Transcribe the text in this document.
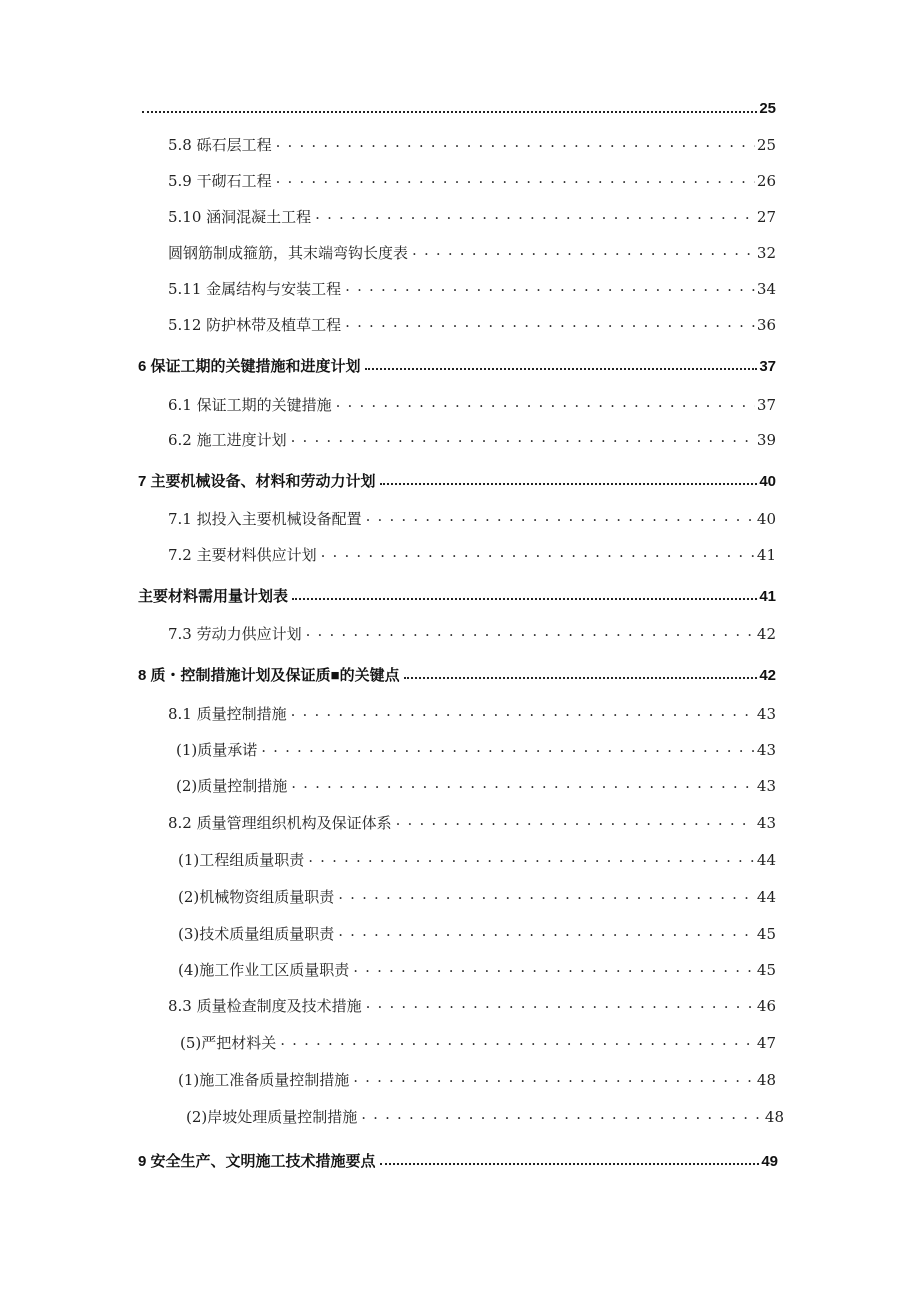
25
5.8 砾石层工程 . . .	25
5.9 干砌石工程 . . .	26
5.10 涵洞混凝土工程 . . .	27
圆钢筋制成箍筋，其末端弯钩长度表 . . .	32
5.11 金属结构与安装工程 . . .	34
5.12 防护林带及植草工程 . . .	36
6 保证工期的关键措施和进度计划	37
6.1 保证工期的关键措施 . . .	37
6.2 施工进度计划 . . .	39
7 主要机械设备、材料和劳动力计划	40
7.1 拟投入主要机械设备配置 . . .	40
7.2 主要材料供应计划 . . .	41
主要材料需用量计划表	41
7.3 劳动力供应计划 . . .	42
8 质・控制措施计划及保证质■的关键点	42
8.1 质量控制措施 . . .	43
(1)质量承诺 . . .	43
(2)质量控制措施 . . .	43
8.2 质量管理组织机构及保证体系 . . .	43
(1)工程组质量职责 . . .	44
(2)机械物资组质量职责 . . .	44
(3)技术质量组质量职责 . . .	45
(4)施工作业工区质量职责 . . .	45
8.3 质量检查制度及技术措施 . . .	46
(5)严把材料关 . . .	47
(1)施工准备质量控制措施 . . .	48
(2)岸坡处理质量控制措施 . . .	48
9 安全生产、文明施工技术措施要点	49
